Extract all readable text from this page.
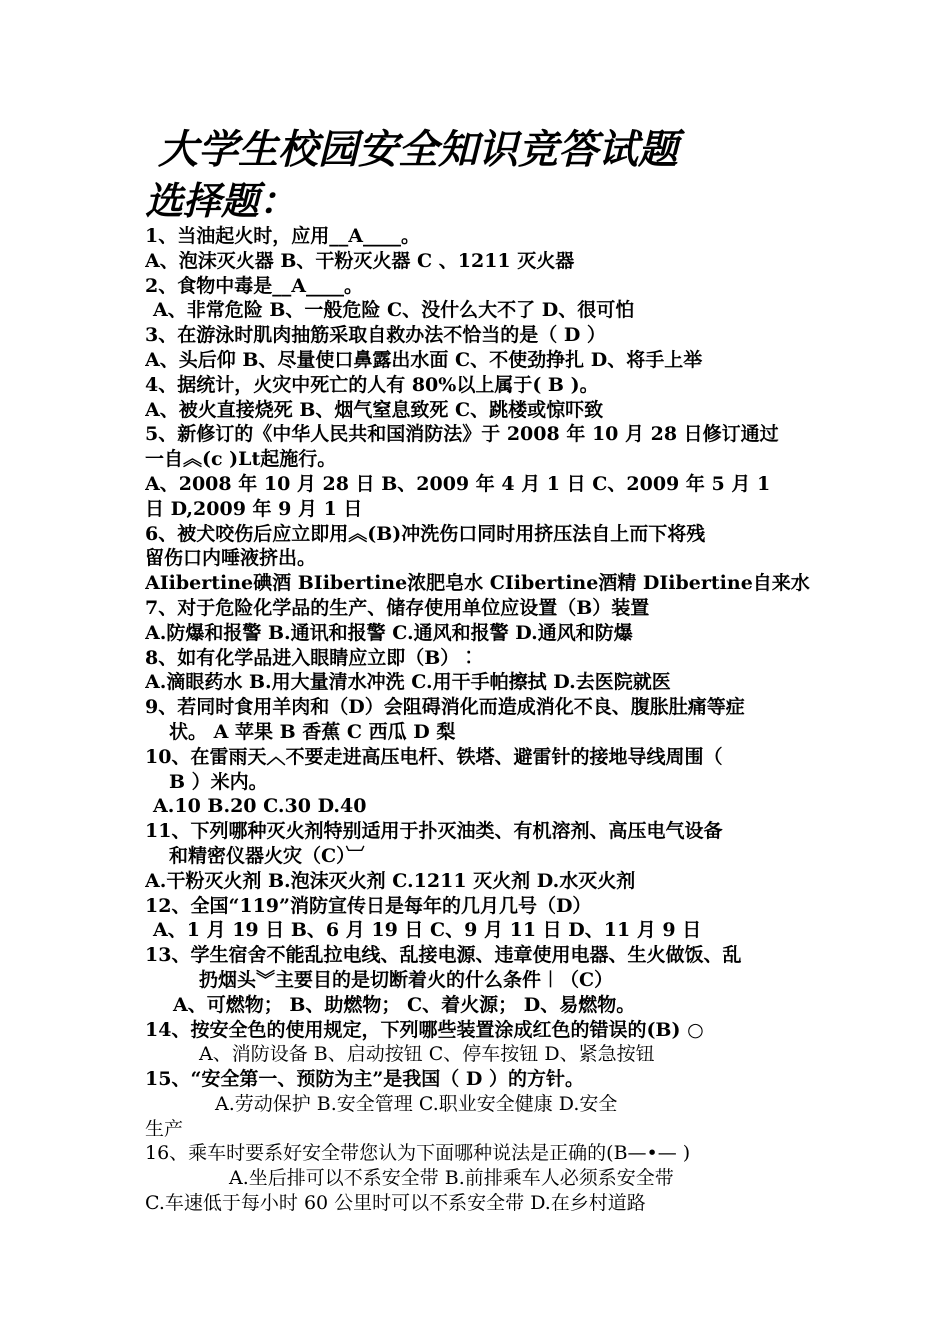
大学生校园安全知识竞答试题
选择题：
1、当油起火时，应用__A____。
A、泡沫灭火器 B、干粉灭火器 C 、1211 灭火器
2、食物中毒是__A____。
A、非常危险 B、一般危险 C、没什么大不了 D、很可怕
3、在游泳时肌肉抽筋采取自救办法不恰当的是（ D ）
A、头后仰 B、尽量使口鼻露出水面 C、不使劲挣扎 D、将手上举
4、据统计，火灾中死亡的人有 80%以上属于( B )。
A、被火直接烧死 B、烟气窒息致死 C、跳楼或惊吓致
5、新修订的《中华人民共和国消防法》于 2008 年 10 月 28 日修订通过
一自︽(c )Lt起施行。
A、2008 年 10 月 28 日 B、2009 年 4 月 1 日 C、2009 年 5 月 1
日 D,2009 年 9 月 1 日
6、被犬咬伤后应立即用︽(B)冲洗伤口同时用挤压法自上而下将残
留伤口内唾液挤出。
AIibertine碘酒 BIibertine浓肥皂水 CIibertine酒精 DIibertine自来水
7、对于危险化学品的生产、储存使用单位应设置（B）装置
A.防爆和报警 B.通讯和报警 C.通风和报警 D.通风和防爆
8、如有化学品进入眼睛应立即（B）︰
A.滴眼药水 B.用大量清水冲洗 C.用干手帕擦拭 D.去医院就医
9、若同时食用羊肉和（D）会阻碍消化而造成消化不良、腹胀肚痛等症
状。 A 苹果 B 香蕉 C 西瓜 D 梨
10、在雷雨天︿不要走进高压电杆、铁塔、避雷针的接地导线周围（
B ）米内。
A.10 B.20 C.30 D.40
11、下列哪种灭火剂特别适用于扑灭油类、有机溶剂、高压电气设备
和精密仪器火灾（C）︺
A.干粉灭火剂 B.泡沫灭火剂 C.1211 灭火剂 D.水灭火剂
12、全国“119”消防宣传日是每年的几月几号（D）
A、1 月 19 日 B、6 月 19 日 C、9 月 11 日 D、11 月 9 日
13、学生宿舍不能乱拉电线、乱接电源、违章使用电器、生火做饭、乱
扔烟头︾主要目的是切断着火的什么条件︱（C）
A、可燃物； B、助燃物； C、着火源； D、易燃物。
14、按安全色的使用规定，下列哪些装置涂成红色的错误的(B) ○
A、消防设备 B、启动按钮 C、停车按钮 D、紧急按钮
15、“安全第一、预防为主”是我国（ D ）的方针。
A.劳动保护 B.安全管理 C.职业安全健康 D.安全
生产
16、乘车时要系好安全带您认为下面哪种说法是正确的(B—•— )
A.坐后排可以不系安全带 B.前排乘车人必须系安全带
C.车速低于每小时 60 公里时可以不系安全带 D.在乡村道路
